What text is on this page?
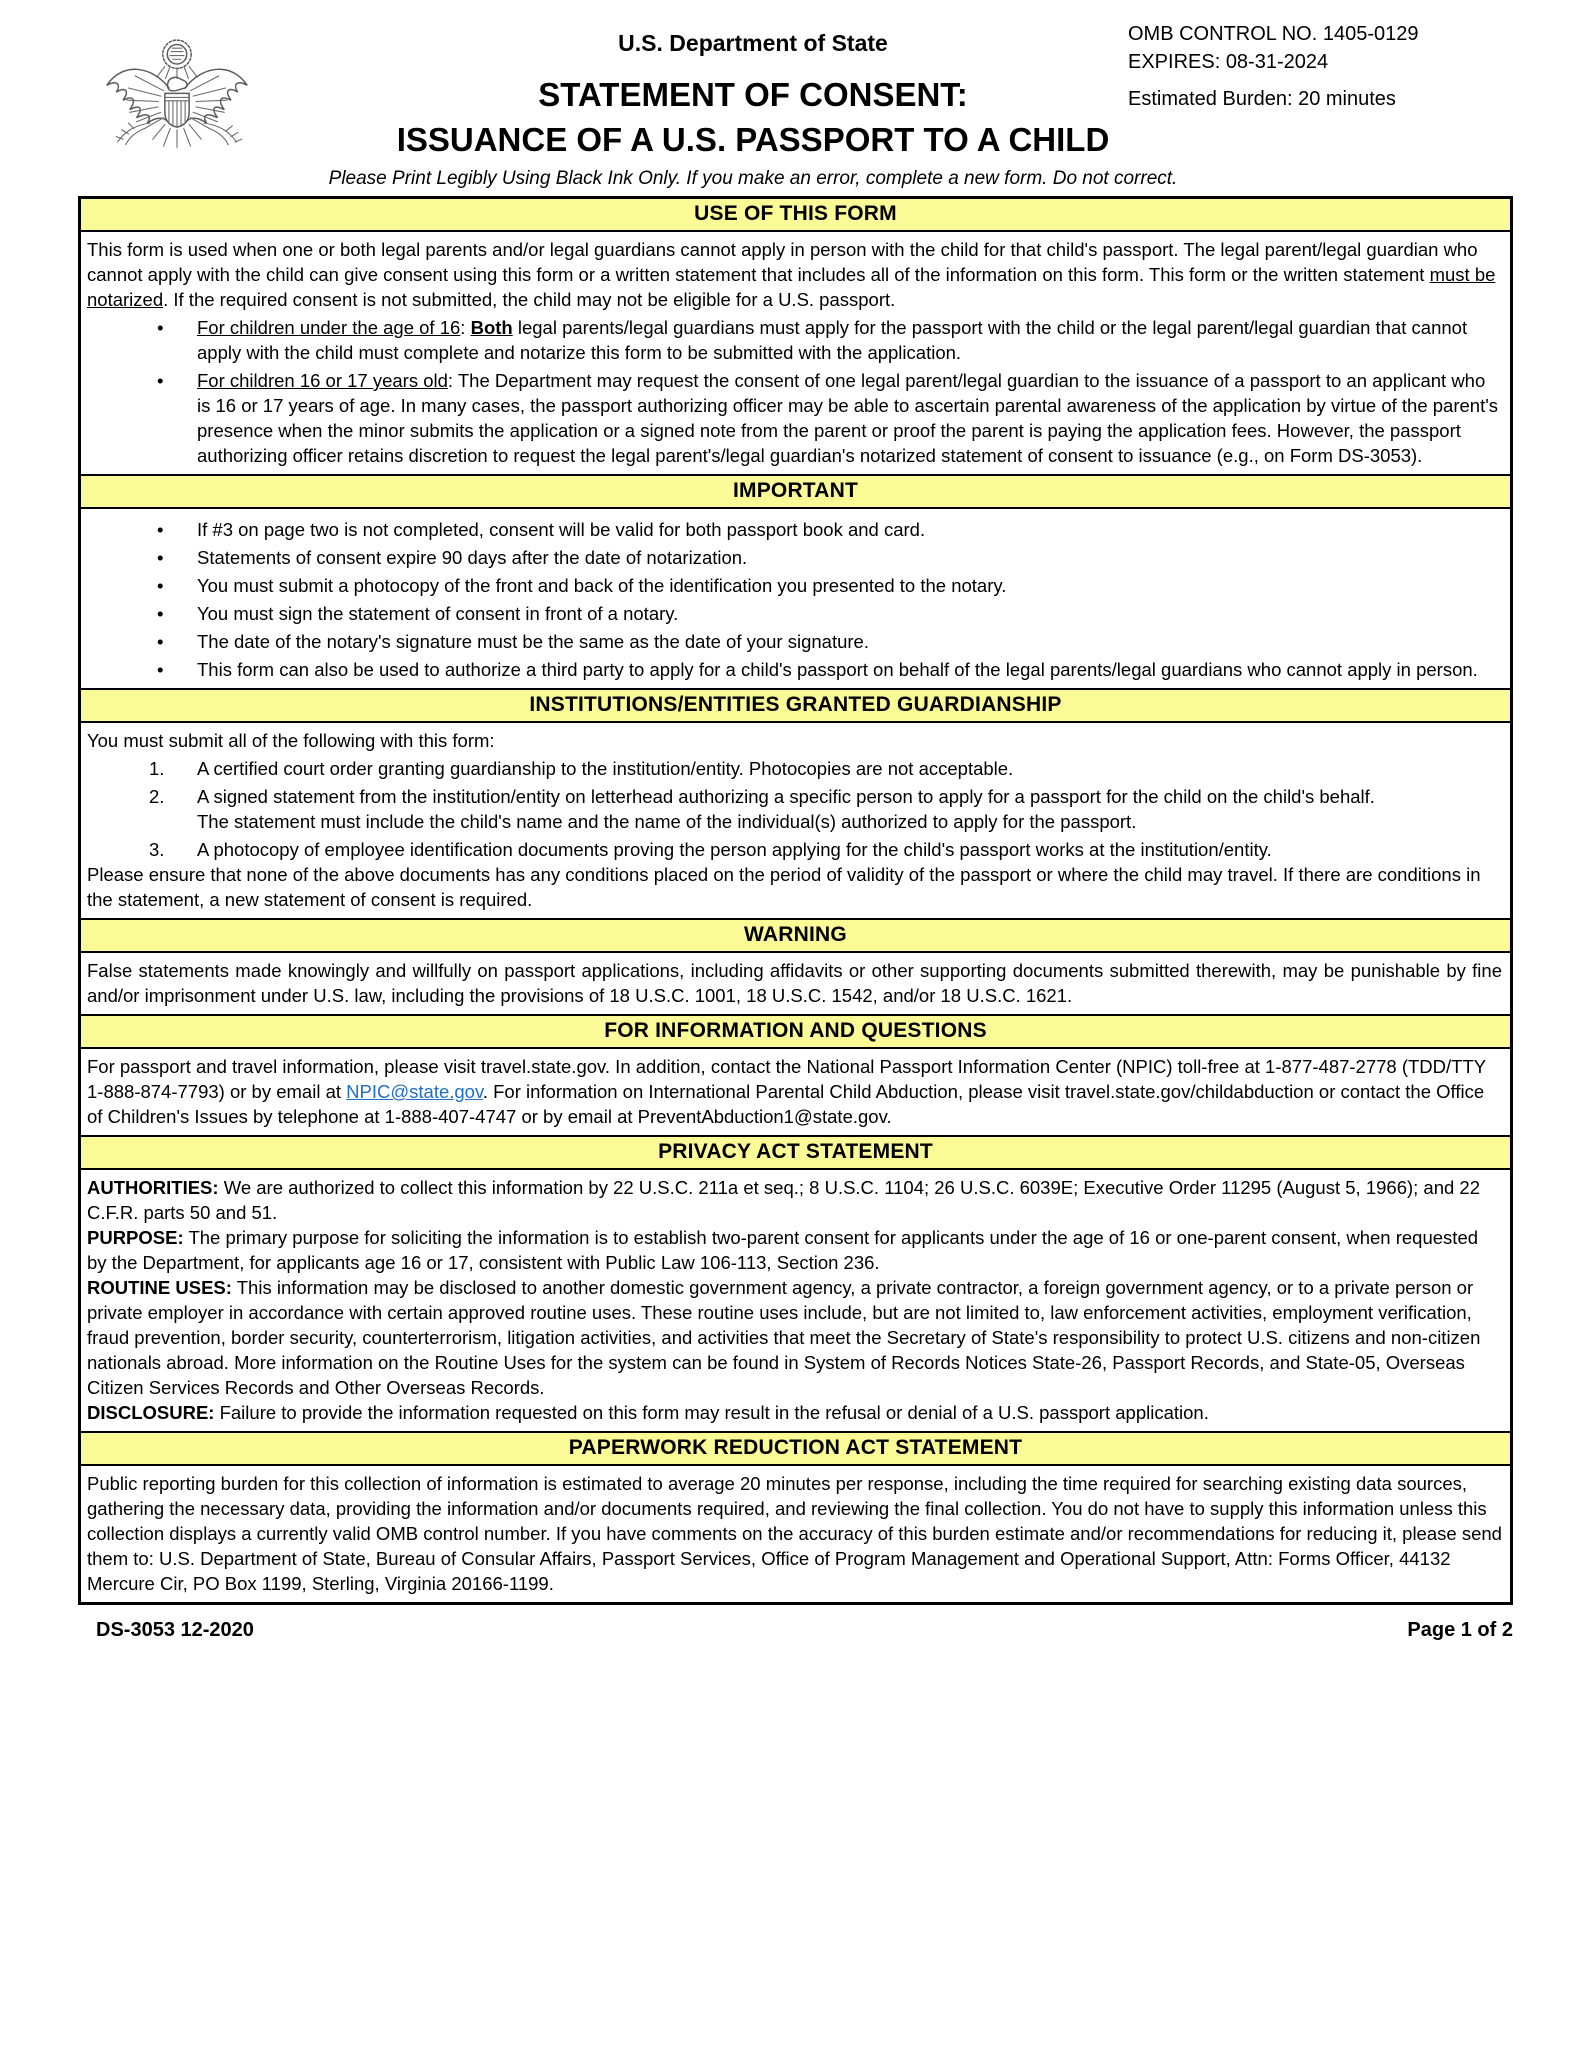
U.S. Department of State
STATEMENT OF CONSENT:
ISSUANCE OF A U.S. PASSPORT TO A CHILD
Please Print Legibly Using Black Ink Only. If you make an error, complete a new form. Do not correct.
OMB CONTROL NO. 1405-0129
EXPIRES: 08-31-2024
Estimated Burden: 20 minutes
USE OF THIS FORM

This form is used when one or both legal parents and/or legal guardians cannot apply in person with the child for that child's passport. The legal parent/legal guardian who cannot apply with the child can give consent using this form or a written statement that includes all of the information on this form. This form or the written statement must be notarized. If the required consent is not submitted, the child may not be eligible for a U.S. passport.

•	For children under the age of 16: Both legal parents/legal guardians must apply for the passport with the child or the legal parent/legal guardian that cannot apply with the child must complete and notarize this form to be submitted with the application.
•	For children 16 or 17 years old: The Department may request the consent of one legal parent/legal guardian to the issuance of a passport to an applicant who is 16 or 17 years of age. In many cases, the passport authorizing officer may be able to ascertain parental awareness of the application by virtue of the parent's presence when the minor submits the application or a signed note from the parent or proof the parent is paying the application fees. However, the passport authorizing officer retains discretion to request the legal parent's/legal guardian's notarized statement of consent to issuance (e.g., on Form DS-3053).
IMPORTANT
•	If #3 on page two is not completed, consent will be valid for both passport book and card.
•	Statements of consent expire 90 days after the date of notarization.
•	You must submit a photocopy of the front and back of the identification you presented to the notary.
•	You must sign the statement of consent in front of a notary.
•	The date of the notary's signature must be the same as the date of your signature.
•	This form can also be used to authorize a third party to apply for a child's passport on behalf of the legal parents/legal guardians who cannot apply in person.
INSTITUTIONS/ENTITIES GRANTED GUARDIANSHIP

You must submit all of the following with this form:

1.	A certified court order granting guardianship to the institution/entity. Photocopies are not acceptable.
2.	A signed statement from the institution/entity on letterhead authorizing a specific person to apply for a passport for the child on the child's behalf.
The statement must include the child's name and the name of the individual(s) authorized to apply for the passport.
3.	A photocopy of employee identification documents proving the person applying for the child's passport works at the institution/entity.

Please ensure that none of the above documents has any conditions placed on the period of validity of the passport or where the child may travel. If there are conditions in the statement, a new statement of consent is required.

WARNING

False statements made knowingly and willfully on passport applications, including affidavits or other supporting documents submitted therewith, may be punishable by fine and/or imprisonment under U.S. law, including the provisions of 18 U.S.C. 1001, 18 U.S.C. 1542, and/or 18 U.S.C. 1621.

FOR INFORMATION AND QUESTIONS

For passport and travel information, please visit travel.state.gov. In addition, contact the National Passport Information Center (NPIC) toll-free at 1-877-487-2778 (TDD/TTY 1-888-874-7793) or by email at NPIC@state.gov. For information on International Parental Child Abduction, please visit travel.state.gov/childabduction or contact the Office of Children's Issues by telephone at 1-888-407-4747 or by email at PreventAbduction1@state.gov.

PRIVACY ACT STATEMENT

AUTHORITIES: We are authorized to collect this information by 22 U.S.C. 211a et seq.; 8 U.S.C. 1104; 26 U.S.C. 6039E; Executive Order 11295 (August 5, 1966); and 22 C.F.R. parts 50 and 51.

PURPOSE: The primary purpose for soliciting the information is to establish two-parent consent for applicants under the age of 16 or one-parent consent, when requested by the Department, for applicants age 16 or 17, consistent with Public Law 106-113, Section 236.

ROUTINE USES: This information may be disclosed to another domestic government agency, a private contractor, a foreign government agency, or to a private person or private employer in accordance with certain approved routine uses. These routine uses include, but are not limited to, law enforcement activities, employment verification, fraud prevention, border security, counterterrorism, litigation activities, and activities that meet the Secretary of State's responsibility to protect U.S. citizens and non-citizen nationals abroad. More information on the Routine Uses for the system can be found in System of Records Notices State-26, Passport Records, and State-05, Overseas Citizen Services Records and Other Overseas Records.

DISCLOSURE: Failure to provide the information requested on this form may result in the refusal or denial of a U.S. passport application.

PAPERWORK REDUCTION ACT STATEMENT

Public reporting burden for this collection of information is estimated to average 20 minutes per response, including the time required for searching existing data sources, gathering the necessary data, providing the information and/or documents required, and reviewing the final collection. You do not have to supply this information unless this collection displays a currently valid OMB control number. If you have comments on the accuracy of this burden estimate and/or recommendations for reducing it, please send them to: U.S. Department of State, Bureau of Consular Affairs, Passport Services, Office of Program Management and Operational Support, Attn: Forms Officer, 44132 Mercure Cir, PO Box 1199, Sterling, Virginia 20166-1199.

DS-3053 12-2020	Page 1 of 2
